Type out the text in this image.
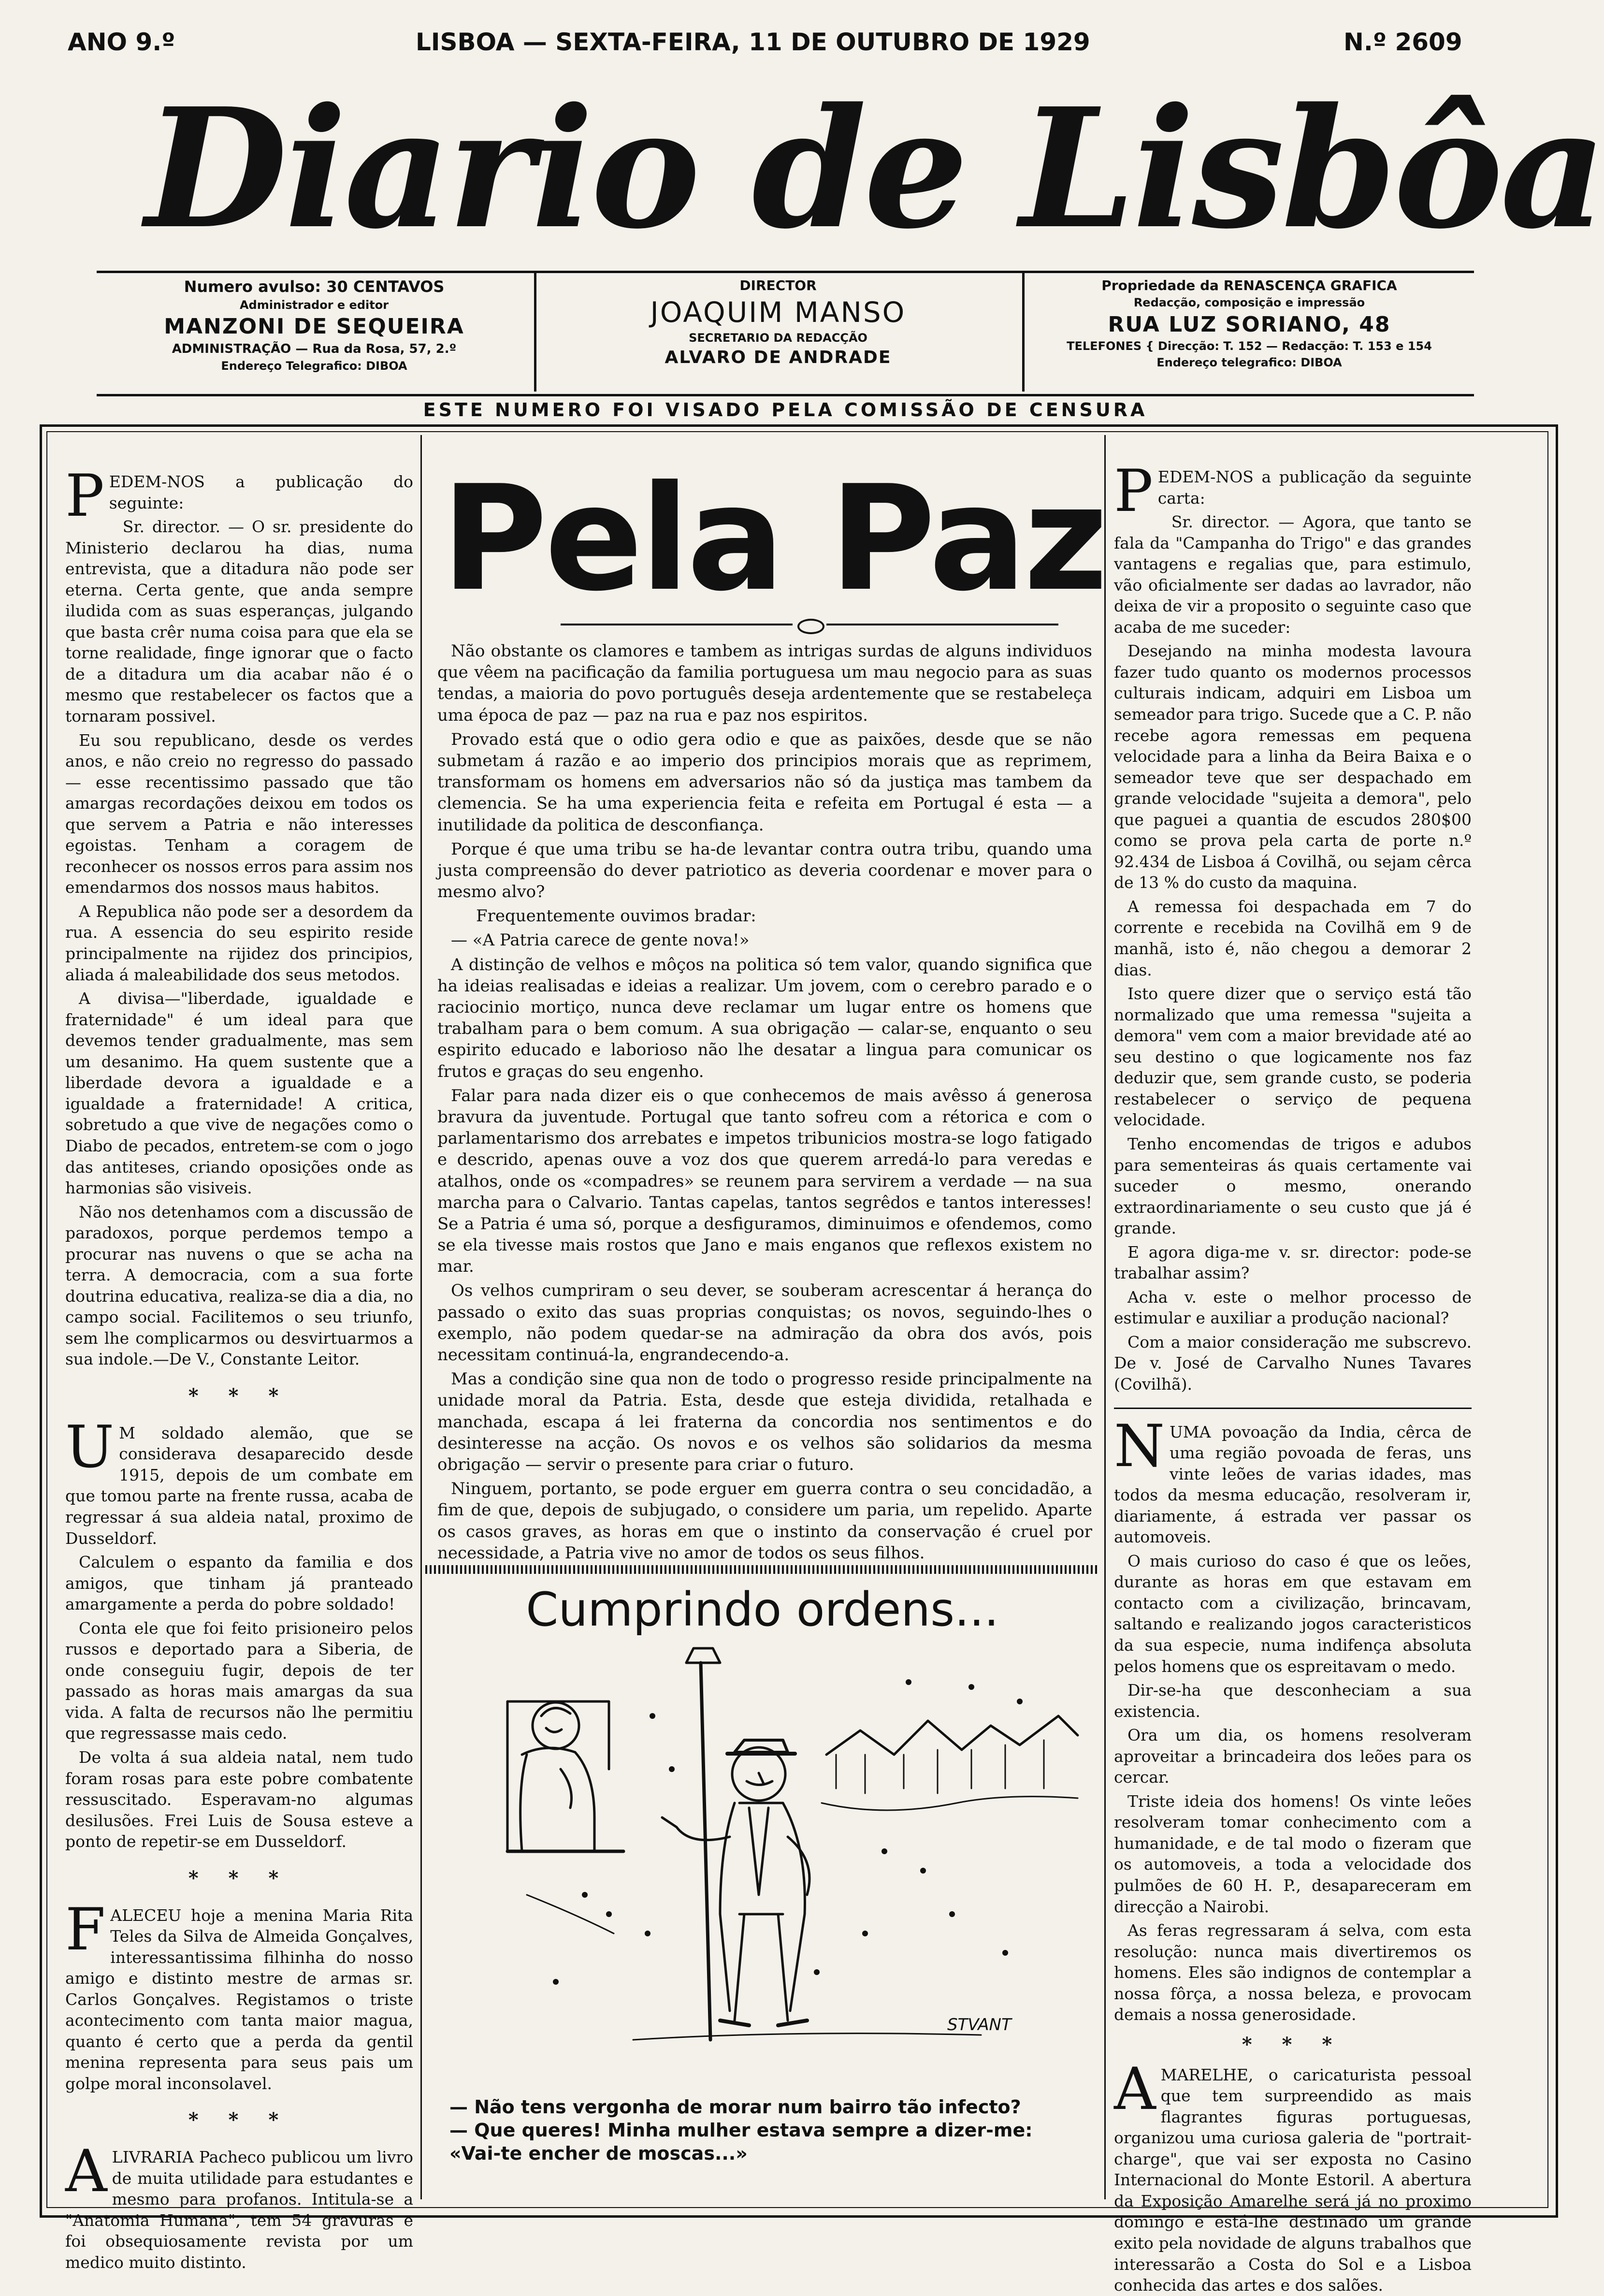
ANO 9.º	LISBOA — SEXTA-FEIRA, 11 DE OUTUBRO DE 1929	N.º 2609
Diario de Lisbôa
Numero avulso: 30 CENTAVOS
Administrador e editor
MANZONI DE SEQUEIRA
ADMINISTRAÇÃO — Rua da Rosa, 57, 2.º
Endereço Telegrafico: DIBOA
DIRECTOR
JOAQUIM MANSO
SECRETARIO DA REDACÇÃO
ALVARO DE ANDRADE
Propriedade da RENASCENÇA GRAFICA
Redacção, composição e impressão
RUA LUZ SORIANO, 48
TELEFONES { Direcção: T. 152 — Redacção: T. 153 e 154
Endereço telegrafico: DIBOA
ESTE NUMERO FOI VISADO PELA COMISSÃO DE CENSURA

PEDEM-NOS a publicação do seguinte:

Sr. director. — O sr. presidente do Ministerio declarou ha dias, numa entrevista, que a ditadura não pode ser eterna. Certa gente, que anda sempre iludida com as suas esperanças, julgando que basta crêr numa coisa para que ela se torne realidade, finge ignorar que o facto de a ditadura um dia acabar não é o mesmo que restabelecer os factos que a tornaram possivel.

Eu sou republicano, desde os verdes anos, e não creio no regresso do passado — esse recentissimo passado que tão amargas recordações deixou em todos os que servem a Patria e não interesses egoistas. Tenham a coragem de reconhecer os nossos erros para assim nos emendarmos dos nossos maus habitos.

A Republica não pode ser a desordem da rua. A essencia do seu espirito reside principalmente na rijidez dos principios, aliada á maleabilidade dos seus metodos.

A divisa—"liberdade, igualdade e fraternidade" é um ideal para que devemos tender gradualmente, mas sem um desanimo. Ha quem sustente que a liberdade devora a igualdade e a igualdade a fraternidade! A critica, sobretudo a que vive de negações como o Diabo de pecados, entretem-se com o jogo das antiteses, criando oposições onde as harmonias são visiveis.

Não nos detenhamos com a discussão de paradoxos, porque perdemos tempo a procurar nas nuvens o que se acha na terra. A democracia, com a sua forte doutrina educativa, realiza-se dia a dia, no campo social. Facilitemos o seu triunfo, sem lhe complicarmos ou desvirtuarmos a sua indole.—De V., Constante Leitor.

* * *

U M soldado alemão, que se considerava desaparecido desde 1915, depois de um combate em que tomou parte na frente russa, acaba de regressar á sua aldeia natal, proximo de Dusseldorf.

Calculem o espanto da familia e dos amigos, que tinham já pranteado amargamente a perda do pobre soldado!

Conta ele que foi feito prisioneiro pelos russos e deportado para a Siberia, de onde conseguiu fugir, depois de ter passado as horas mais amargas da sua vida. A falta de recursos não lhe permitiu que regressasse mais cedo.

De volta á sua aldeia natal, nem tudo foram rosas para este pobre combatente ressuscitado. Esperavam-no algumas desilusões. Frei Luis de Sousa esteve a ponto de repetir-se em Dusseldorf.

* * *

FALECEU hoje a menina Maria Rita Teles da Silva de Almeida Gonçalves, interessantissima filhinha do nosso amigo e distinto mestre de armas sr. Carlos Gonçalves. Registamos o triste acontecimento com tanta maior magua, quanto é certo que a perda da gentil menina representa para seus pais um golpe moral inconsolavel.

* * *

ALIVRARIA Pacheco publicou um livro de muita utilidade para estudantes e mesmo para profanos. Intitula-se a "Anatomia Humana", tem 54 gravuras e foi obsequiosamente revista por um medico muito distinto.

Pela Paz

Não obstante os clamores e tambem as intrigas surdas de alguns individuos que vêem na pacificação da familia portuguesa um mau negocio para as suas tendas, a maioria do povo português deseja ardentemente que se restabeleça uma época de paz — paz na rua e paz nos espiritos.

Provado está que o odio gera odio e que as paixões, desde que se não submetam á razão e ao imperio dos principios morais que as reprimem, transformam os homens em adversarios não só da justiça mas tambem da clemencia. Se ha uma experiencia feita e refeita em Portugal é esta — a inutilidade da politica de desconfiança.

Porque é que uma tribu se ha-de levantar contra outra tribu, quando uma justa compreensão do dever patriotico as deveria coordenar e mover para o mesmo alvo?

Frequentemente ouvimos bradar:

— «A Patria carece de gente nova!»

A distinção de velhos e môços na politica só tem valor, quando significa que ha ideias realisadas e ideias a realizar. Um jovem, com o cerebro parado e o raciocinio mortiço, nunca deve reclamar um lugar entre os homens que trabalham para o bem comum. A sua obrigação — calar-se, enquanto o seu espirito educado e laborioso não lhe desatar a lingua para comunicar os frutos e graças do seu engenho.

Falar para nada dizer eis o que conhecemos de mais avêsso á generosa bravura da juventude. Portugal que tanto sofreu com a rétorica e com o parlamentarismo dos arrebates e impetos tribunicios mostra-se logo fatigado e descrido, apenas ouve a voz dos que querem arredá-lo para veredas e atalhos, onde os «compadres» se reunem para servirem a verdade — na sua marcha para o Calvario. Tantas capelas, tantos segrêdos e tantos interesses! Se a Patria é uma só, porque a desfiguramos, diminuimos e ofendemos, como se ela tivesse mais rostos que Jano e mais enganos que reflexos existem no mar.

Os velhos cumpriram o seu dever, se souberam acrescentar á herança do passado o exito das suas proprias conquistas; os novos, seguindo-lhes o exemplo, não podem quedar-se na admiração da obra dos avós, pois necessitam continuá-la, engrandecendo-a.

Mas a condição sine qua non de todo o progresso reside principalmente na unidade moral da Patria. Esta, desde que esteja dividida, retalhada e manchada, escapa á lei fraterna da concordia nos sentimentos e do desinteresse na acção. Os novos e os velhos são solidarios da mesma obrigação — servir o presente para criar o futuro.

Ninguem, portanto, se pode erguer em guerra contra o seu concidadão, a fim de que, depois de subjugado, o considere um paria, um repelido. Aparte os casos graves, as horas em que o instinto da conservação é cruel por necessidade, a Patria vive no amor de todos os seus filhos.

Cumprindo ordens...
STVANT
— Não tens vergonha de morar num bairro tão infecto?
— Que queres! Minha mulher estava sempre a dizer-me:
«Vai-te encher de moscas...»

PEDEM-NOS a publicação da seguinte carta:

Sr. director. — Agora, que tanto se fala da "Campanha do Trigo" e das grandes vantagens e regalias que, para estimulo, vão oficialmente ser dadas ao lavrador, não deixa de vir a proposito o seguinte caso que acaba de me suceder:

Desejando na minha modesta lavoura fazer tudo quanto os modernos processos culturais indicam, adquiri em Lisboa um semeador para trigo. Sucede que a C. P. não recebe agora remessas em pequena velocidade para a linha da Beira Baixa e o semeador teve que ser despachado em grande velocidade "sujeita a demora", pelo que paguei a quantia de escudos 280$00 como se prova pela carta de porte n.º 92.434 de Lisboa á Covilhã, ou sejam cêrca de 13 % do custo da maquina.

A remessa foi despachada em 7 do corrente e recebida na Covilhã em 9 de manhã, isto é, não chegou a demorar 2 dias.

Isto quere dizer que o serviço está tão normalizado que uma remessa "sujeita a demora" vem com a maior brevidade até ao seu destino o que logicamente nos faz deduzir que, sem grande custo, se poderia restabelecer o serviço de pequena velocidade.

Tenho encomendas de trigos e adubos para sementeiras ás quais certamente vai suceder o mesmo, onerando extraordinariamente o seu custo que já é grande.

E agora diga-me v. sr. director: pode-se trabalhar assim?

Acha v. este o melhor processo de estimular e auxiliar a produção nacional?

Com a maior consideração me subscrevo. De v. José de Carvalho Nunes Tavares (Covilhã).

NUMA povoação da India, cêrca de uma região povoada de feras, uns vinte leões de varias idades, mas todos da mesma educação, resolveram ir, diariamente, á estrada ver passar os automoveis.

O mais curioso do caso é que os leões, durante as horas em que estavam em contacto com a civilização, brincavam, saltando e realizando jogos caracteristicos da sua especie, numa indifença absoluta pelos homens que os espreitavam o medo.

Dir-se-ha que desconheciam a sua existencia.

Ora um dia, os homens resolveram aproveitar a brincadeira dos leões para os cercar.

Triste ideia dos homens! Os vinte leões resolveram tomar conhecimento com a humanidade, e de tal modo o fizeram que os automoveis, a toda a velocidade dos pulmões de 60 H. P., desapareceram em direcção a Nairobi.

As feras regressaram á selva, com esta resolução: nunca mais divertiremos os homens. Eles são indignos de contemplar a nossa fôrça, a nossa beleza, e provocam demais a nossa generosidade.

* * *

AMARELHE, o caricaturista pessoal que tem surpreendido as mais flagrantes figuras portuguesas, organizou uma curiosa galeria de "portrait-charge", que vai ser exposta no Casino Internacional do Monte Estoril. A abertura da Exposição Amarelhe será já no proximo domingo e está-lhe destinado um grande exito pela novidade de alguns trabalhos que interessarão a Costa do Sol e a Lisboa conhecida das artes e dos salões.
